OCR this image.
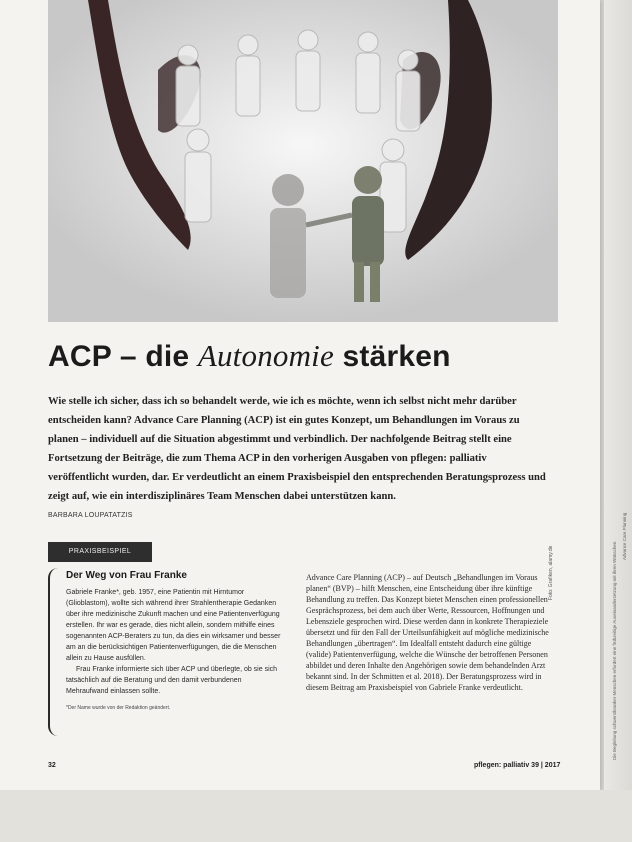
ACP – die Autonomie stärken
Wie stelle ich sicher, dass ich so behandelt werde, wie ich es möchte, wenn ich selbst nicht mehr darüber entscheiden kann? Advance Care Planning (ACP) ist ein gutes Konzept, um Behandlungen im Voraus zu planen – individuell auf die Situation abgestimmt und verbindlich. Der nachfolgende Beitrag stellt eine Fortsetzung der Beiträge, die zum Thema ACP in den vorherigen Ausgaben von pflegen: palliativ veröffentlicht wurden, dar. Er verdeutlicht an einem Praxisbeispiel den entsprechenden Beratungsprozess und zeigt auf, wie ein interdisziplinäres Team Menschen dabei unterstützen kann.
BARBARA LOUPATATZIS
PRAXISBEISPIEL
Der Weg von Frau Franke

Gabriele Franke*, geb. 1957, eine Patientin mit Hirntumor (Glioblastom), wollte sich während ihrer Strahlentherapie Gedanken über ihre medizinische Zukunft machen und eine Patientenverfügung erstellen. Ihr war es gerade, dies nicht allein, sondern mithilfe eines sogenannten ACP-Beraters zu tun, da dies ein wirksamer und besser am an die berücksichtigen Patientenverfügungen, die die Menschen allein zu Hause ausfüllen.

Frau Franke informierte sich über ACP und überlegte, ob sie sich tatsächlich auf die Beratung und den damit verbundenen Mehraufwand einlassen sollte.

*Der Name wurde von der Redaktion geändert.

Advance Care Planning (ACP) – auf Deutsch „Behandlungen im Voraus planen“ (BVP) – hilft Menschen, eine Entscheidung über ihre künftige Behandlung zu treffen. Das Konzept bietet Menschen einen professionellen Gesprächsprozess, bei dem auch über Werte, Ressourcen, Hoffnungen und Lebensziele gesprochen wird. Diese werden dann in konkrete Therapieziele übersetzt und für den Fall der Urteilsunfähigkeit auf mögliche medizinische Behandlungen „übertragen“. Im Idealfall entsteht dadurch eine gültige (valide) Patientenverfügung, welche die Wünsche der betroffenen Personen abbildet und deren Inhalte den Angehörigen sowie dem behandelnden Arzt bekannt sind. In der Schmitten et al. 2018). Der Beratungsprozess wird in diesem Beitrag am Praxisbeispiel von Gabriele Franke verdeutlicht.
Foto: Grafiken, alamy.de	Die Begleitung schwerstkranker Menschen erfordert eine frühzeitige Auseinandersetzung mit ihren Wünschen
Advance Care Planning
32	pflegen: palliativ 39 | 2017
